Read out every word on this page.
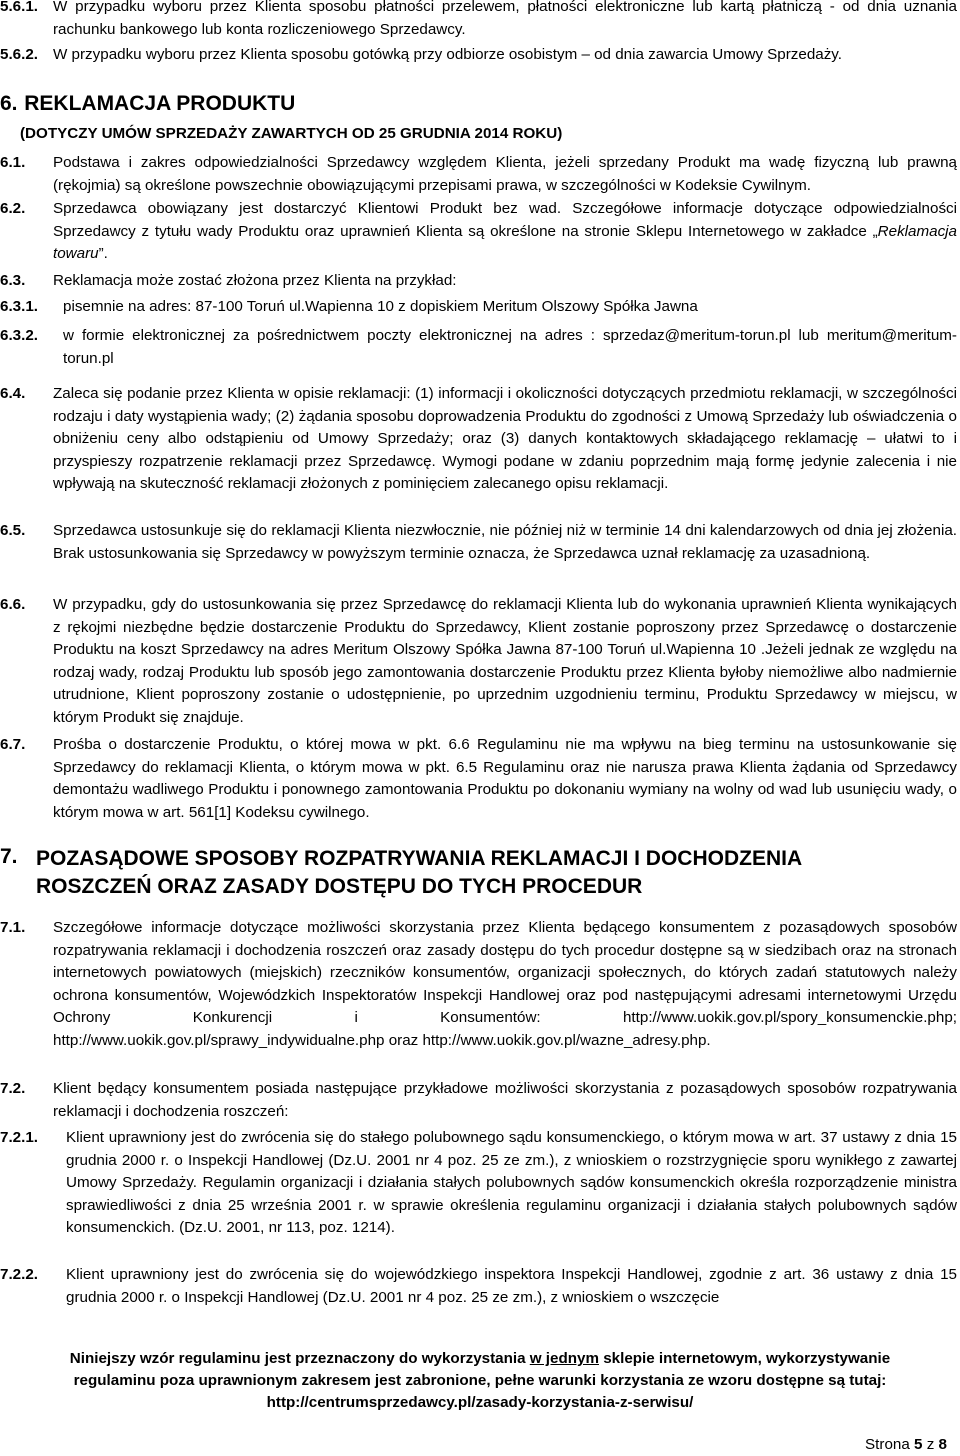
5.6.1. W przypadku wyboru przez Klienta sposobu płatności przelewem, płatności elektroniczne lub kartą płatniczą - od dnia uznania rachunku bankowego lub konta rozliczeniowego Sprzedawcy.
5.6.2. W przypadku wyboru przez Klienta sposobu gotówką przy odbiorze osobistym – od dnia zawarcia Umowy Sprzedaży.
6. REKLAMACJA PRODUKTU
(DOTYCZY UMÓW SPRZEDAŻY ZAWARTYCH OD 25 GRUDNIA 2014 ROKU)
6.1.	Podstawa i zakres odpowiedzialności Sprzedawcy względem Klienta, jeżeli sprzedany Produkt ma wadę fizyczną lub prawną (rękojmia) są określone powszechnie obowiązującymi przepisami prawa, w szczególności w Kodeksie Cywilnym.
6.2.	Sprzedawca obowiązany jest dostarczyć Klientowi Produkt bez wad. Szczegółowe informacje dotyczące odpowiedzialności Sprzedawcy z tytułu wady Produktu oraz uprawnień Klienta są określone na stronie Sklepu Internetowego w zakładce „Reklamacja towaru”.
6.3.	Reklamacja może zostać złożona przez Klienta na przykład:
6.3.1.	pisemnie na adres: 87-100 Toruń ul.Wapienna 10 z dopiskiem Meritum Olszowy Spółka Jawna
6.3.2.	w formie elektronicznej za pośrednictwem poczty elektronicznej na adres : sprzedaz@meritum-torun.pl lub meritum@meritum-torun.pl
6.4.	Zaleca się podanie przez Klienta w opisie reklamacji: (1) informacji i okoliczności dotyczących przedmiotu reklamacji, w szczególności rodzaju i daty wystąpienia wady; (2) żądania sposobu doprowadzenia Produktu do zgodności z Umową Sprzedaży lub oświadczenia o obniżeniu ceny albo odstąpieniu od Umowy Sprzedaży; oraz (3) danych kontaktowych składającego reklamację – ułatwi to i przyspieszy rozpatrzenie reklamacji przez Sprzedawcę. Wymogi podane w zdaniu poprzednim mają formę jedynie zalecenia i nie wpływają na skuteczność reklamacji złożonych z pominięciem zalecanego opisu reklamacji.
6.5.	Sprzedawca ustosunkuje się do reklamacji Klienta niezwłocznie, nie później niż w terminie 14 dni kalendarzowych od dnia jej złożenia. Brak ustosunkowania się Sprzedawcy w powyższym terminie oznacza, że Sprzedawca uznał reklamację za uzasadnioną.
6.6.	W przypadku, gdy do ustosunkowania się przez Sprzedawcę do reklamacji Klienta lub do wykonania uprawnień Klienta wynikających z rękojmi niezbędne będzie dostarczenie Produktu do Sprzedawcy, Klient zostanie poproszony przez Sprzedawcę o dostarczenie Produktu na koszt Sprzedawcy na adres Meritum Olszowy Spółka Jawna 87-100 Toruń ul.Wapienna 10 .Jeżeli jednak ze względu na rodzaj wady, rodzaj Produktu lub sposób jego zamontowania dostarczenie Produktu przez Klienta byłoby niemożliwe albo nadmiernie utrudnione, Klient poproszony zostanie o udostępnienie, po uprzednim uzgodnieniu terminu, Produktu Sprzedawcy w miejscu, w którym Produkt się znajduje.
6.7.	Prośba o dostarczenie Produktu, o której mowa w pkt. 6.6 Regulaminu nie ma wpływu na bieg terminu na ustosunkowanie się Sprzedawcy do reklamacji Klienta, o którym mowa w pkt. 6.5 Regulaminu oraz nie narusza prawa Klienta żądania od Sprzedawcy demontażu wadliwego Produktu i ponownego zamontowania Produktu po dokonaniu wymiany na wolny od wad lub usunięciu wady, o którym mowa w art. 561[1] Kodeksu cywilnego.
7. POZASĄDOWE SPOSOBY ROZPATRYWANIA REKLAMACJI I DOCHODZENIA
ROSZCZEŃ ORAZ ZASADY DOSTĘPU DO TYCH PROCEDUR
7.1.	Szczegółowe informacje dotyczące możliwości skorzystania przez Klienta będącego konsumentem z pozasądowych sposobów rozpatrywania reklamacji i dochodzenia roszczeń oraz zasady dostępu do tych procedur dostępne są w siedzibach oraz na stronach internetowych powiatowych (miejskich) rzeczników konsumentów, organizacji społecznych, do których zadań statutowych należy ochrona konsumentów, Wojewódzkich Inspektoratów Inspekcji Handlowej oraz pod następującymi adresami internetowymi Urzędu Ochrony Konkurencji i Konsumentów: http://www.uokik.gov.pl/spory_konsumenckie.php; http://www.uokik.gov.pl/sprawy_indywidualne.php oraz http://www.uokik.gov.pl/wazne_adresy.php.
7.2.	Klient będący konsumentem posiada następujące przykładowe możliwości skorzystania z pozasądowych sposobów rozpatrywania reklamacji i dochodzenia roszczeń:
7.2.1.	Klient uprawniony jest do zwrócenia się do stałego polubownego sądu konsumenckiego, o którym mowa w art. 37 ustawy z dnia 15 grudnia 2000 r. o Inspekcji Handlowej (Dz.U. 2001 nr 4 poz. 25 ze zm.), z wnioskiem o rozstrzygnięcie sporu wynikłego z zawartej Umowy Sprzedaży. Regulamin organizacji i działania stałych polubownych sądów konsumenckich określa rozporządzenie ministra sprawiedliwości z dnia 25 września 2001 r. w sprawie określenia regulaminu organizacji i działania stałych polubownych sądów konsumenckich. (Dz.U. 2001, nr 113, poz. 1214).
7.2.2.	Klient uprawniony jest do zwrócenia się do wojewódzkiego inspektora Inspekcji Handlowej, zgodnie z art. 36 ustawy z dnia 15 grudnia 2000 r. o Inspekcji Handlowej (Dz.U. 2001 nr 4 poz. 25 ze zm.), z wnioskiem o wszczęcie
Niniejszy wzór regulaminu jest przeznaczony do wykorzystania w jednym sklepie internetowym, wykorzystywanie
regulaminu poza uprawnionym zakresem jest zabronione, pełne warunki korzystania ze wzoru dostępne są tutaj:
http://centrumsprzedawcy.pl/zasady-korzystania-z-serwisu/
Strona 5 z 8
